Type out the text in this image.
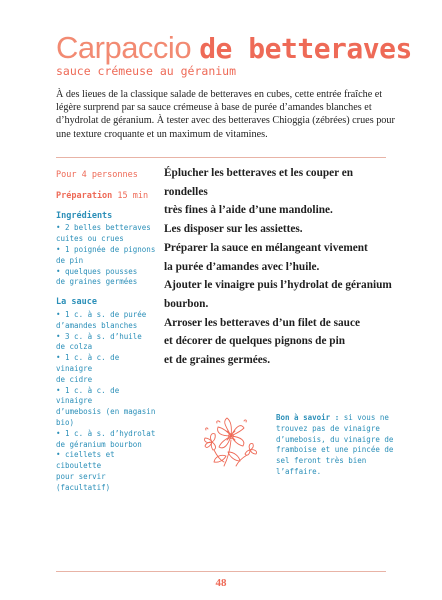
Carpaccio de betteraves

sauce crémeuse au géranium

À des lieues de la classique salade de betteraves en cubes, cette entrée fraîche et légère surprend par sa sauce crémeuse à base de purée d’amandes blanches et d’hydrolat de géranium. À tester avec des betteraves Chioggia (zébrées) crues pour une texture croquante et un maximum de vitamines.

Pour 4 personnes

Préparation 15 min

Ingrédients

• 2 belles betteraves
cuites ou crues
• 1 poignée de pignons
de pin
• quelques pousses
de graines germées

La sauce

• 1 c. à s. de purée
d’amandes blanches
• 3 c. à s. d’huile
de colza
• 1 c. à c. de vinaigre
de cidre
• 1 c. à c. de vinaigre
d’umebosis (en magasin
bio)
• 1 c. à s. d’hydrolat
de géranium bourbon
• ciellets et ciboulette
pour servir (facultatif)

Éplucher les betteraves et les couper en rondelles

très fines à l’aide d’une mandoline.

Les disposer sur les assiettes.

Préparer la sauce en mélangeant vivement

la purée d’amandes avec l’huile.

Ajouter le vinaigre puis l’hydrolat de géranium

bourbon.

Arroser les betteraves d’un filet de sauce

et décorer de quelques pignons de pin

et de graines germées.

Bon à savoir : si vous ne trouvez pas de vinaigre d’umebosis, du vinaigre de framboise et une pincée de sel feront très bien l’affaire.
48
